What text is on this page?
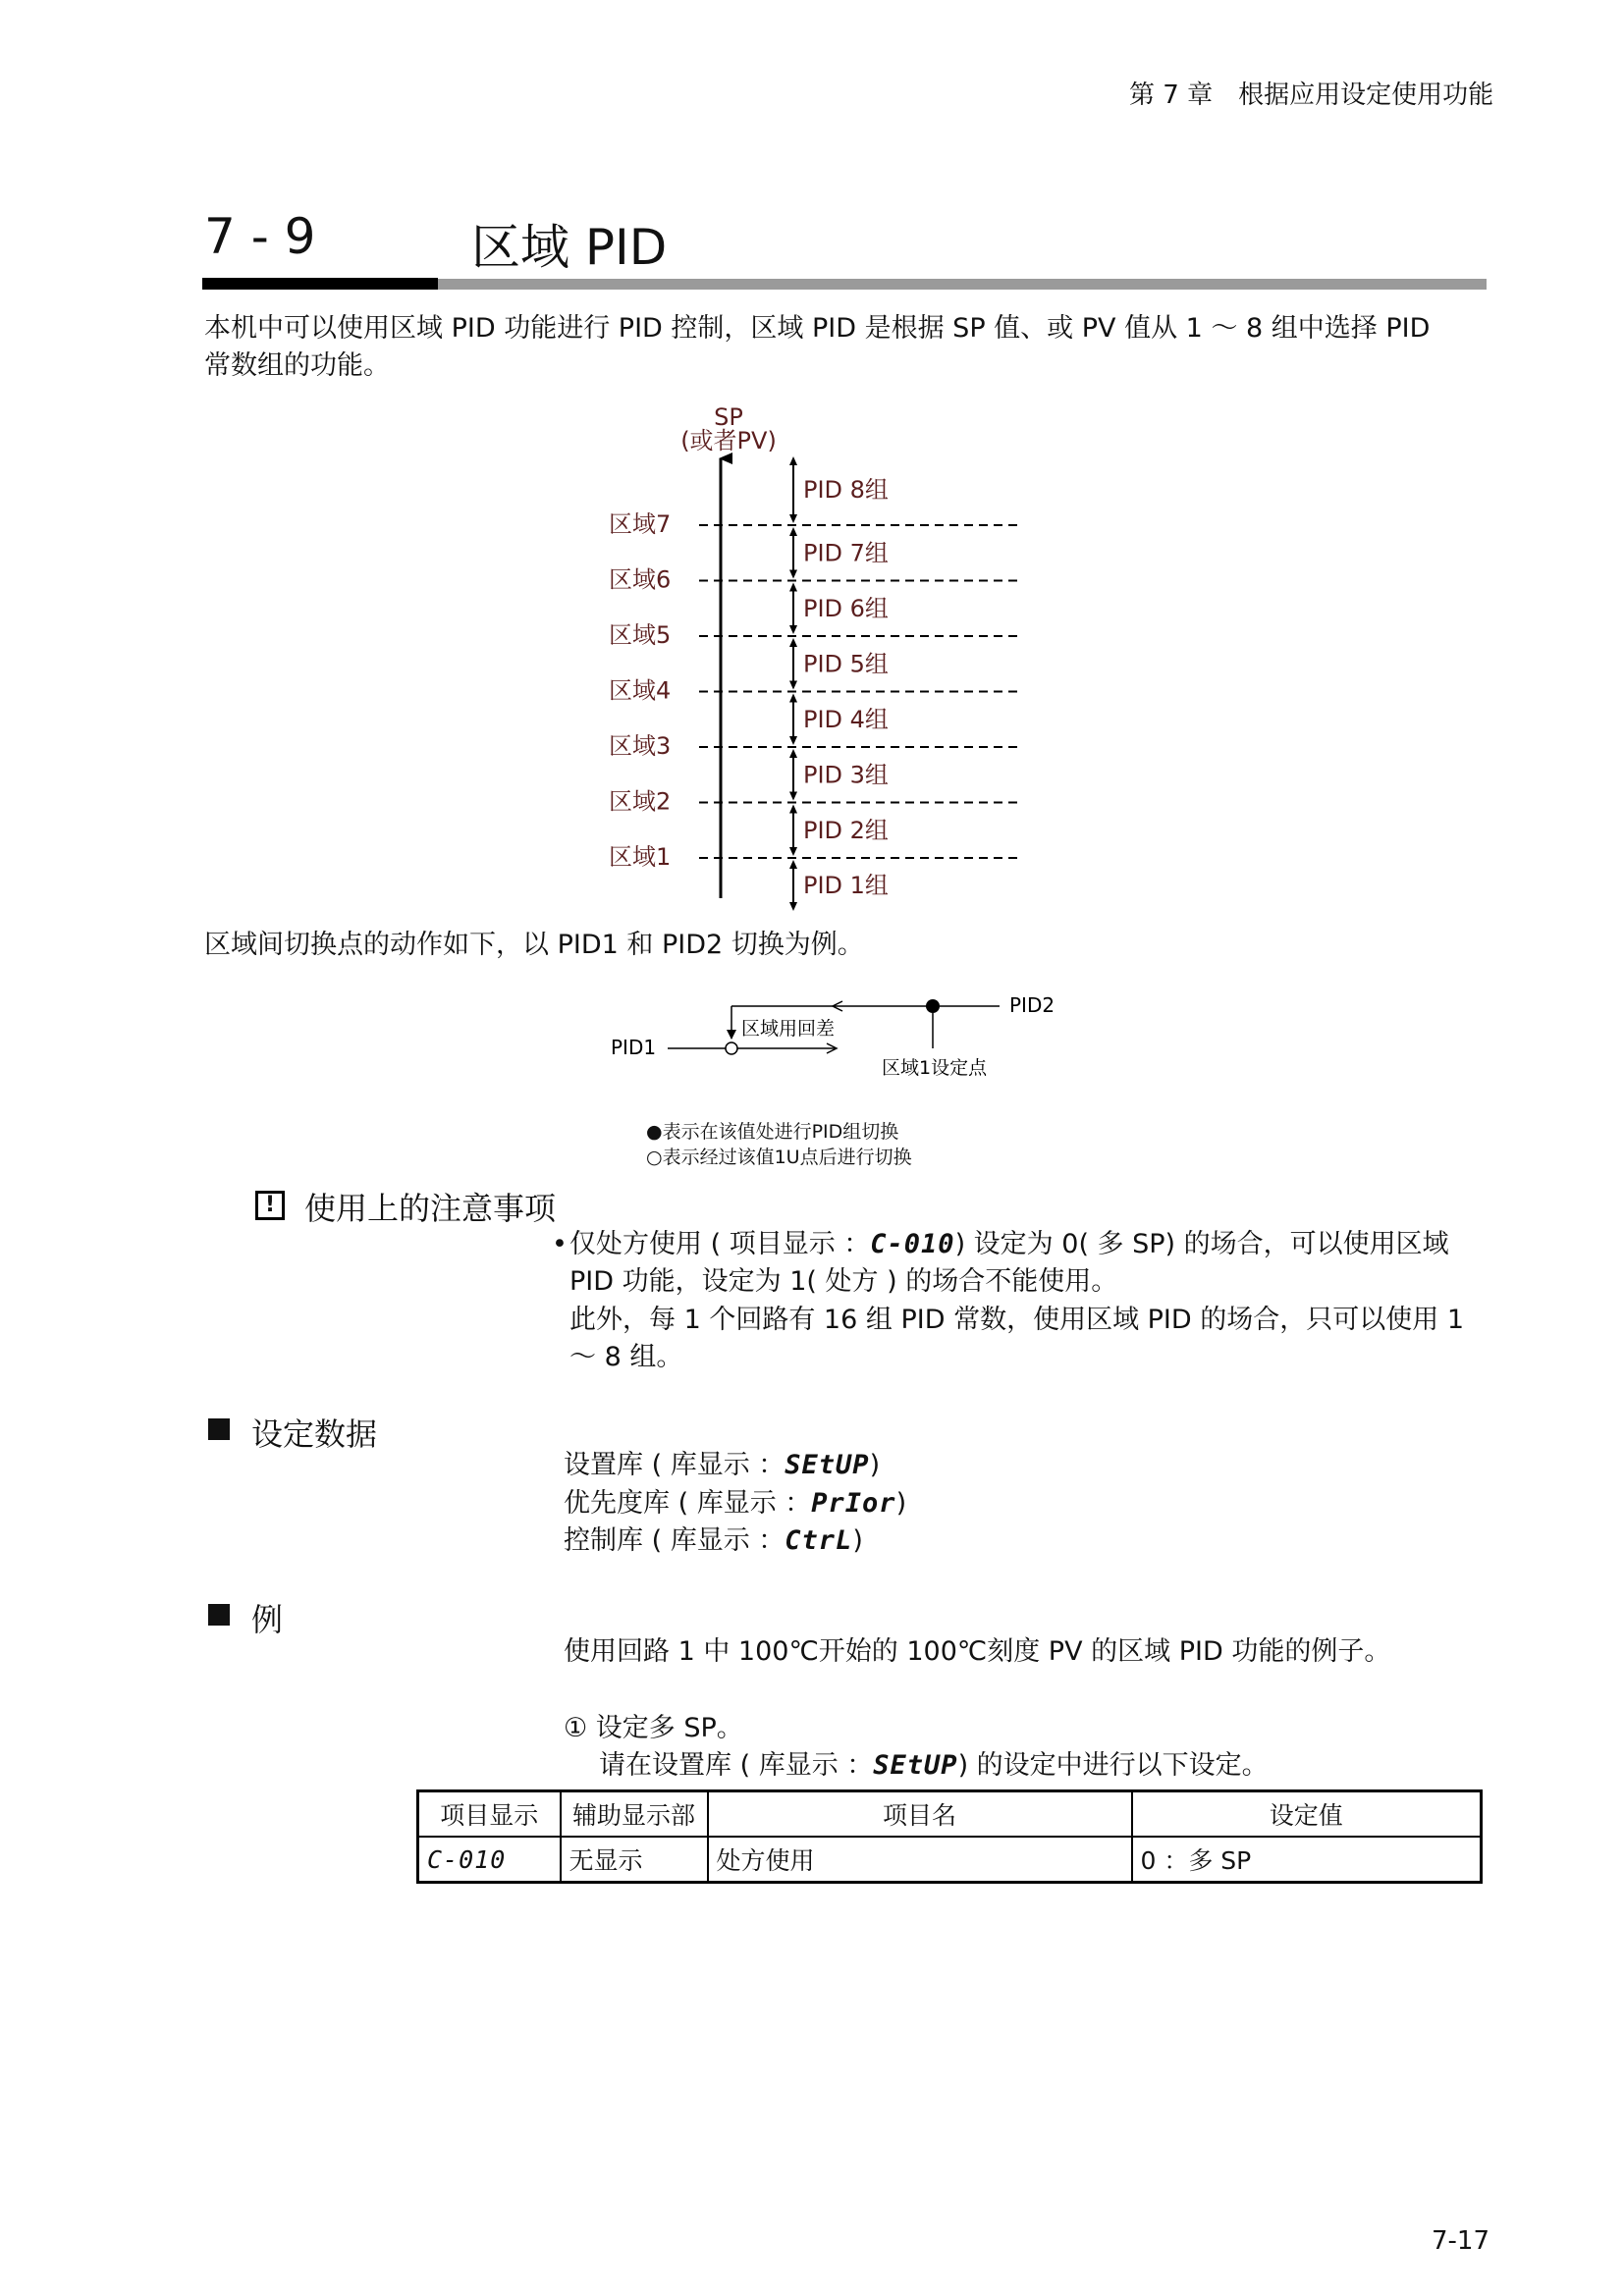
第 7 章　根据应用设定使用功能
7 - 9	区域 PID
本机中可以使用区域 PID 功能进行 PID 控制，区域 PID 是根据 SP 值、或 PV 值从 1 ～ 8 组中选择 PID
常数组的功能。
SP
(或者PV)
区域7
区域6
区域5
区域4
区域3
区域2
区域1
PID 8组
PID 7组
PID 6组
PID 5组
PID 4组
PID 3组
PID 2组
PID 1组
区域间切换点的动作如下，以 PID1 和 PID2 切换为例。
PID1
PID2
区域用回差
区域1设定点
●表示在该值处进行PID组切换
○表示经过该值1U点后进行切换
! 使用上的注意事项
• 仅处方使用 ( 项目显示 ：C-010) 设定为 0( 多 SP) 的场合，可以使用区域
PID 功能，设定为 1( 处方 ) 的场合不能使用。
此外，每 1 个回路有 16 组 PID 常数，使用区域 PID 的场合，只可以使用 1
～ 8 组。
设定数据
设置库 ( 库显示 ：SEtUP)
优先度库 ( 库显示 ：PrIor)
控制库 ( 库显示 ：CtrL)
例
使用回路 1 中 100℃开始的 100℃刻度 PV 的区域 PID 功能的例子。
① 设定多 SP。
请在设置库 ( 库显示 ：SEtUP) 的设定中进行以下设定。
项目显示	辅助显示部	项目名	设定值
C-010	无显示	处方使用	0 ：多 SP
7-17
